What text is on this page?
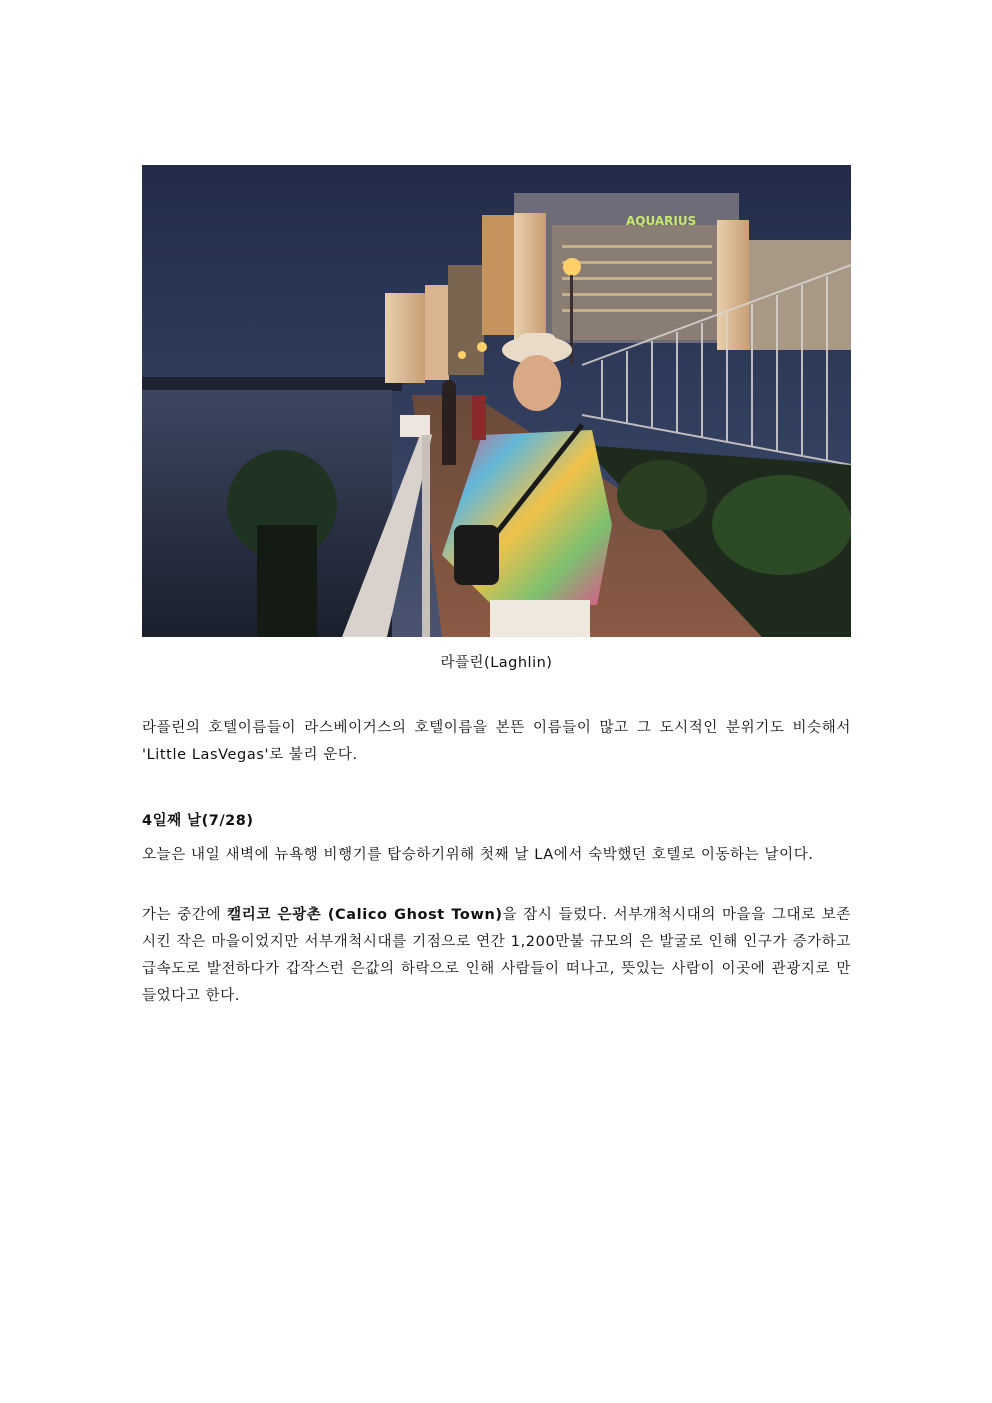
AQUARIUS
라플린(Laghlin)

라플린의 호텔이름들이 라스베이거스의 호텔이름을 본뜬 이름들이 많고 그 도시적인 분위기도 비슷해서 'Little LasVegas'로 불리 운다.

4일째 날(7/28)

오늘은 내일 새벽에 뉴욕행 비행기를 탑승하기위해 첫째 날 LA에서 숙박했던 호텔로 이동하는 날이다.

가는 중간에 캘리코 은광촌 (Calico Ghost Town)을 잠시 들렀다. 서부개척시대의 마을을 그대로 보존시킨 작은 마을이었지만 서부개척시대를 기점으로 연간 1,200만불 규모의 은 발굴로 인해 인구가 증가하고 급속도로 발전하다가 갑작스런 은값의 하락으로 인해 사람들이 떠나고, 뜻있는 사람이 이곳에 관광지로 만들었다고 한다.
